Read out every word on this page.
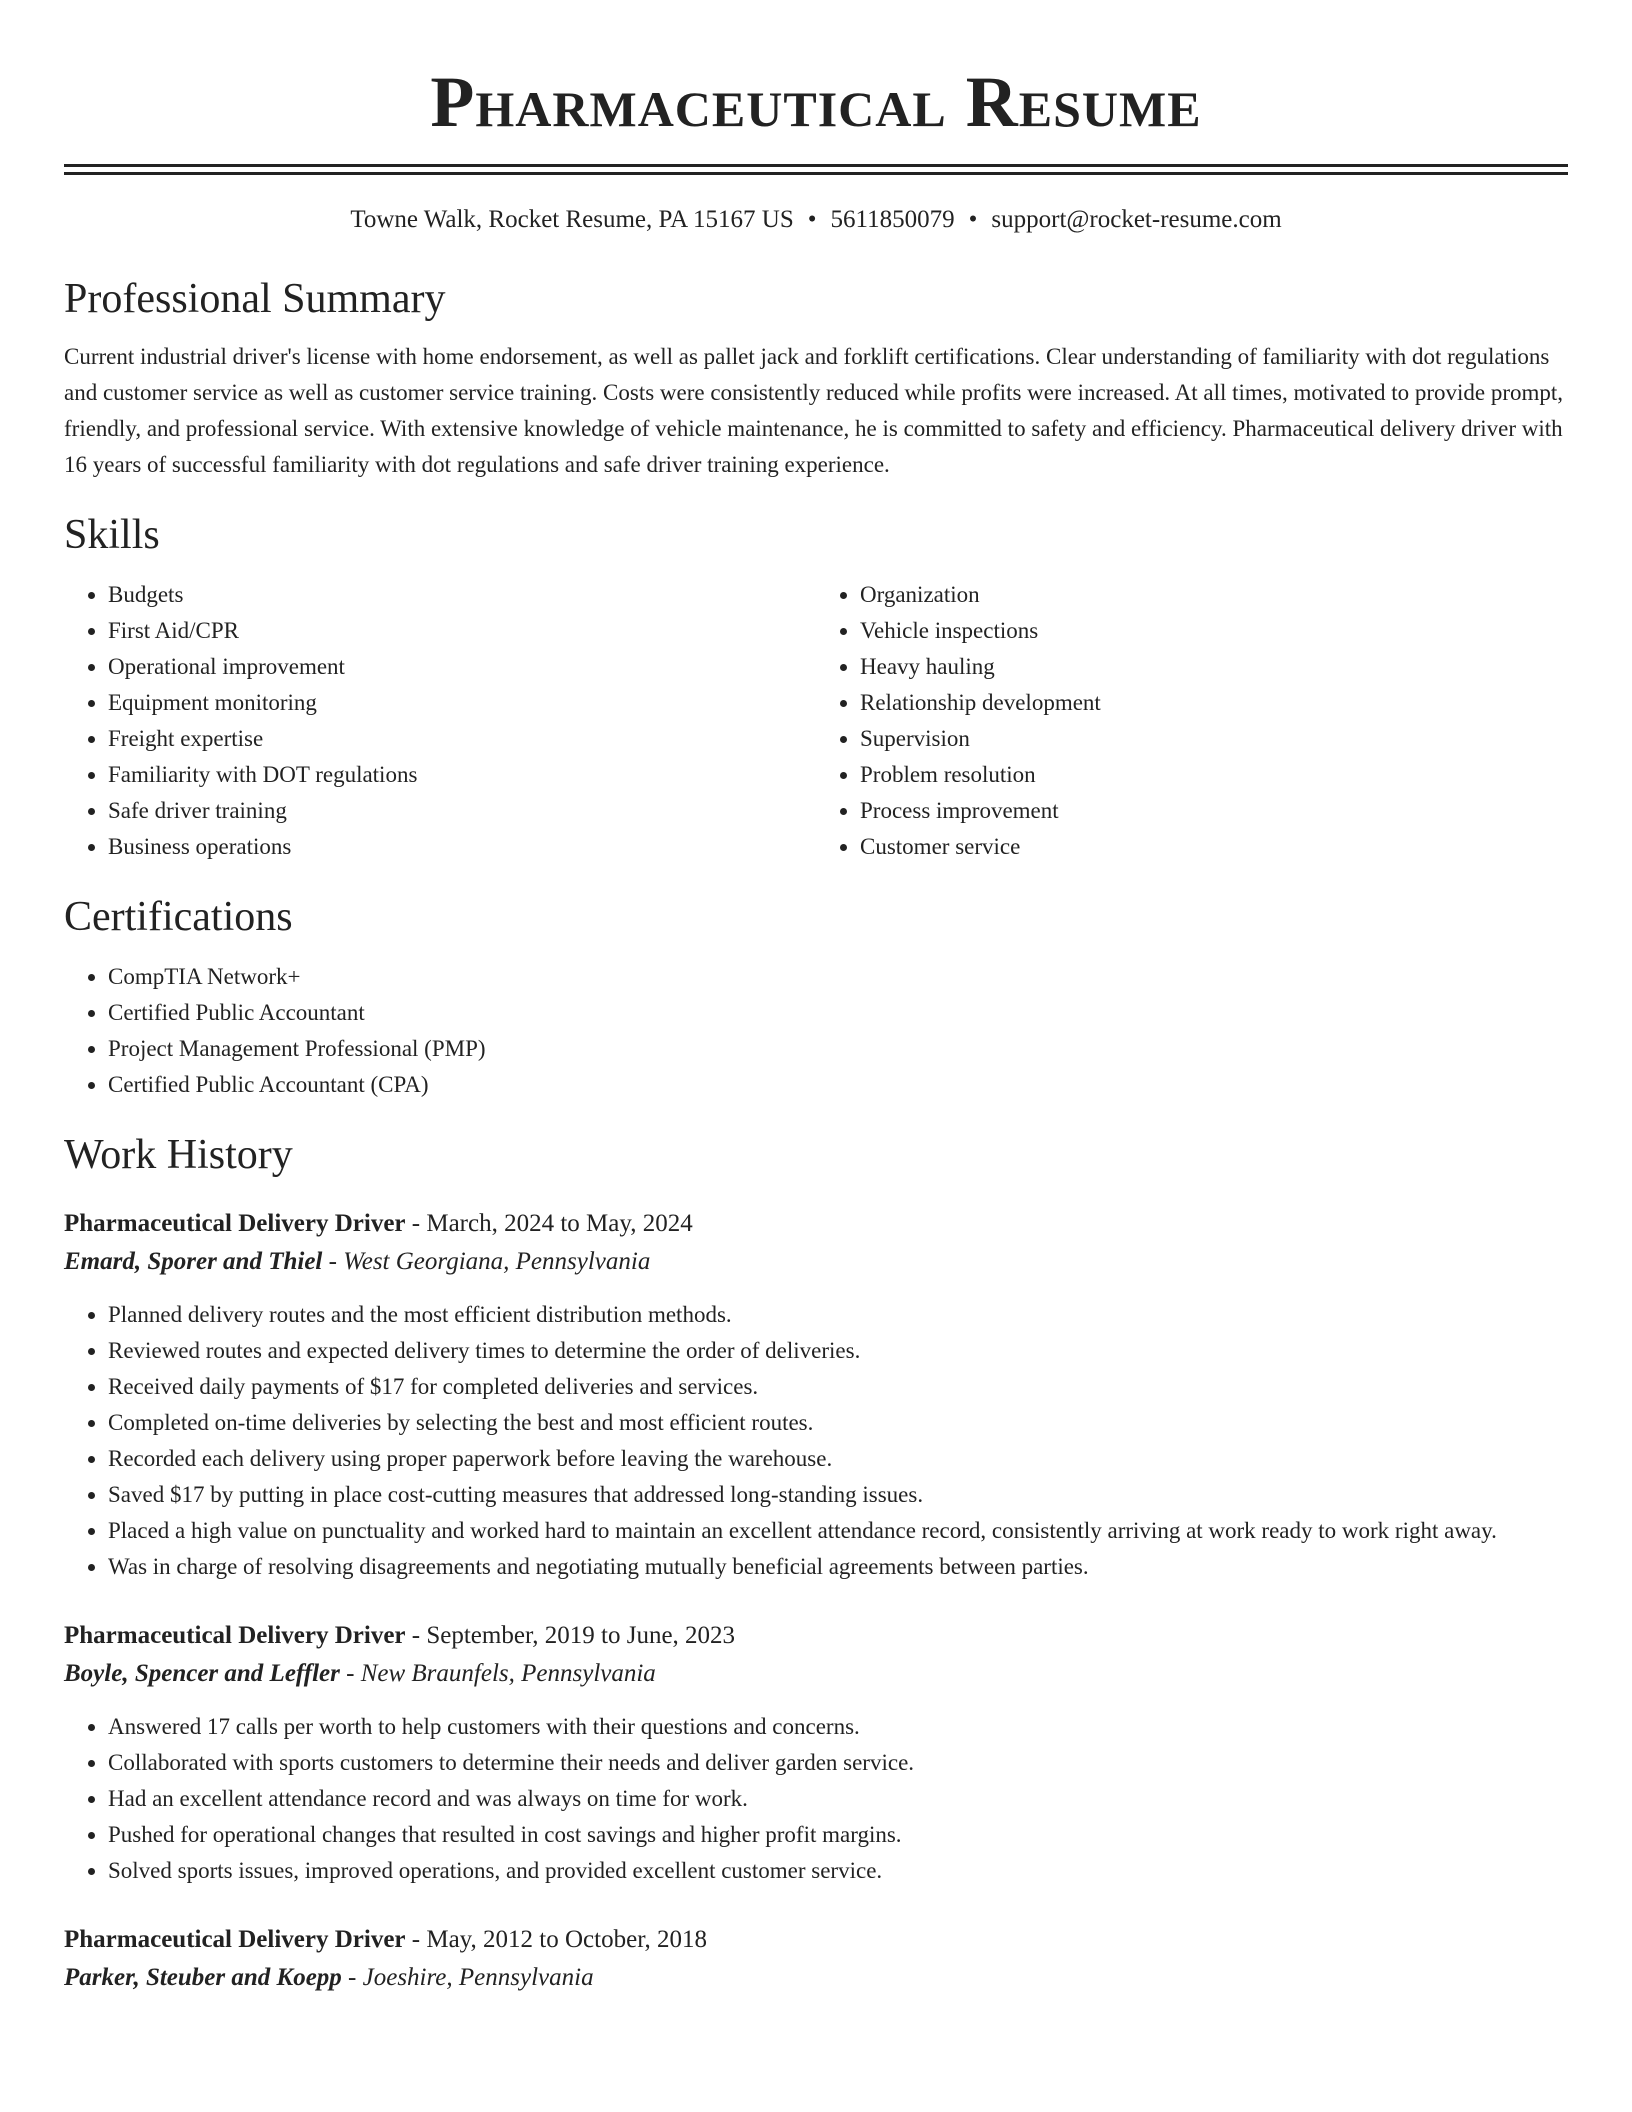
Pharmaceutical Resume
Towne Walk, Rocket Resume, PA 15167 US • 5611850079 • support@rocket-resume.com
Professional Summary

Current industrial driver's license with home endorsement, as well as pallet jack and forklift certifications. Clear understanding of familiarity with dot regulations and customer service as well as customer service training. Costs were consistently reduced while profits were increased. At all times, motivated to provide prompt, friendly, and professional service. With extensive knowledge of vehicle maintenance, he is committed to safety and efficiency. Pharmaceutical delivery driver with 16 years of successful familiarity with dot regulations and safe driver training experience.

Skills
• Budgets
• First Aid/CPR
• Operational improvement
• Equipment monitoring
• Freight expertise
• Familiarity with DOT regulations
• Safe driver training
• Business operations
• Organization
• Vehicle inspections
• Heavy hauling
• Relationship development
• Supervision
• Problem resolution
• Process improvement
• Customer service
Certifications
• CompTIA Network+
• Certified Public Accountant
• Project Management Professional (PMP)
• Certified Public Accountant (CPA)
Work History
Pharmaceutical Delivery Driver - March, 2024 to May, 2024
Emard, Sporer and Thiel - West Georgiana, Pennsylvania
• Planned delivery routes and the most efficient distribution methods.
• Reviewed routes and expected delivery times to determine the order of deliveries.
• Received daily payments of $17 for completed deliveries and services.
• Completed on-time deliveries by selecting the best and most efficient routes.
• Recorded each delivery using proper paperwork before leaving the warehouse.
• Saved $17 by putting in place cost-cutting measures that addressed long-standing issues.
• Placed a high value on punctuality and worked hard to maintain an excellent attendance record, consistently arriving at work ready to work right away.
• Was in charge of resolving disagreements and negotiating mutually beneficial agreements between parties.
Pharmaceutical Delivery Driver - September, 2019 to June, 2023
Boyle, Spencer and Leffler - New Braunfels, Pennsylvania
• Answered 17 calls per worth to help customers with their questions and concerns.
• Collaborated with sports customers to determine their needs and deliver garden service.
• Had an excellent attendance record and was always on time for work.
• Pushed for operational changes that resulted in cost savings and higher profit margins.
• Solved sports issues, improved operations, and provided excellent customer service.
Pharmaceutical Delivery Driver - May, 2012 to October, 2018
Parker, Steuber and Koepp - Joeshire, Pennsylvania
